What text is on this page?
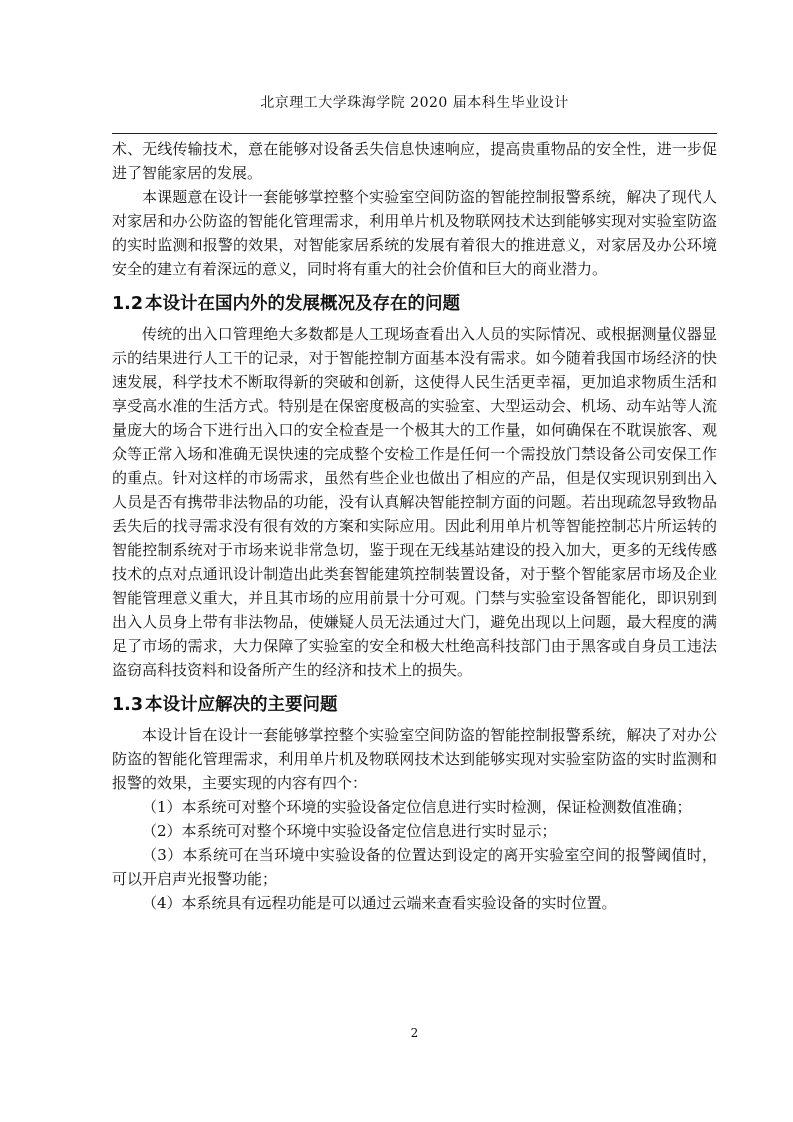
北京理工大学珠海学院 2020 届本科生毕业设计

术、无线传输技术，意在能够对设备丢失信息快速响应，提高贵重物品的安全性，进一步促进了智能家居的发展。

本课题意在设计一套能够掌控整个实验室空间防盗的智能控制报警系统，解决了现代人对家居和办公防盗的智能化管理需求，利用单片机及物联网技术达到能够实现对实验室防盗的实时监测和报警的效果，对智能家居系统的发展有着很大的推进意义，对家居及办公环境安全的建立有着深远的意义，同时将有重大的社会价值和巨大的商业潜力。

1.2 本设计在国内外的发展概况及存在的问题

传统的出入口管理绝大多数都是人工现场查看出入人员的实际情况、或根据测量仪器显示的结果进行人工干的记录，对于智能控制方面基本没有需求。如今随着我国市场经济的快速发展，科学技术不断取得新的突破和创新，这使得人民生活更幸福，更加追求物质生活和享受高水准的生活方式。特别是在保密度极高的实验室、大型运动会、机场、动车站等人流量庞大的场合下进行出入口的安全检查是一个极其大的工作量，如何确保在不耽误旅客、观众等正常入场和准确无误快速的完成整个安检工作是任何一个需投放门禁设备公司安保工作的重点。针对这样的市场需求，虽然有些企业也做出了相应的产品，但是仅实现识别到出入人员是否有携带非法物品的功能，没有认真解决智能控制方面的问题。若出现疏忽导致物品丢失后的找寻需求没有很有效的方案和实际应用。因此利用单片机等智能控制芯片所运转的智能控制系统对于市场来说非常急切，鉴于现在无线基站建设的投入加大，更多的无线传感技术的点对点通讯设计制造出此类套智能建筑控制装置设备，对于整个智能家居市场及企业智能管理意义重大，并且其市场的应用前景十分可观。门禁与实验室设备智能化，即识别到出入人员身上带有非法物品，使嫌疑人员无法通过大门，避免出现以上问题，最大程度的满足了市场的需求，大力保障了实验室的安全和极大杜绝高科技部门由于黑客或自身员工违法盗窃高科技资料和设备所产生的经济和技术上的损失。

1.3 本设计应解决的主要问题

本设计旨在设计一套能够掌控整个实验室空间防盗的智能控制报警系统，解决了对办公防盗的智能化管理需求，利用单片机及物联网技术达到能够实现对实验室防盗的实时监测和报警的效果，主要实现的内容有四个：

（1）本系统可对整个环境的实验设备定位信息进行实时检测，保证检测数值准确；

（2）本系统可对整个环境中实验设备定位信息进行实时显示；

（3）本系统可在当环境中实验设备的位置达到设定的离开实验室空间的报警阈值时，可以开启声光报警功能；

（4）本系统具有远程功能是可以通过云端来查看实验设备的实时位置。

2
